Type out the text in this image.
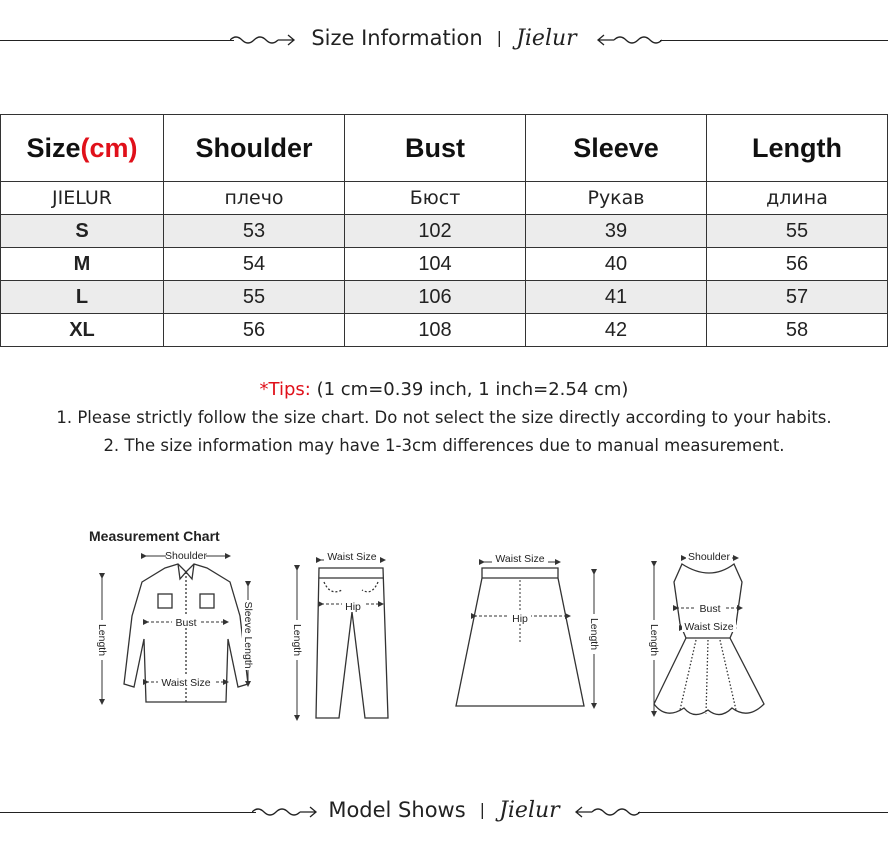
Size Information | Jielur
Size(cm)	Shoulder	Bust	Sleeve	Length
JIELUR	плечо	Бюст	Рукав	длина
S	53	102	39	55
M	54	104	40	56
L	55	106	41	57
XL	56	108	42	58
*Tips: (1 cm=0.39 inch, 1 inch=2.54 cm)
1. Please strictly follow the size chart. Do not select the size directly according to your habits.
2. The size information may have 1-3cm differences due to manual measurement.
Measurement Chart
Shoulder
Bust
Waist Size
Length	Sleeve Length
Waist Size
Hip
Length
Waist Size
Hip	Length
Shoulder
Bust
Waist Size
Length
Model Shows | Jielur
